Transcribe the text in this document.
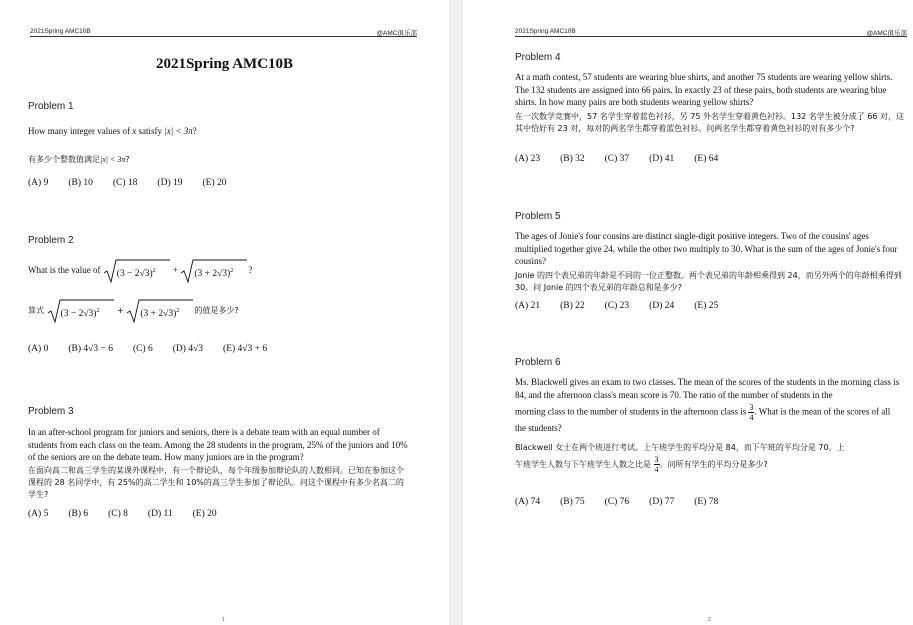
2021Spring AMC10B	@AMC俱乐部
2021Spring AMC10B
Problem 1
How many integer values of x satisfy |x| < 3π?
有多少个整数值满足|x| < 3π?
(A) 9 (B) 10 (C) 18 (D) 19 (E) 20
Problem 2
What is the value of $(3 - 2√3)^2 + (3 + 2√3)^2$ ?
算式 $(3 - 2√3)^2 + (3 + 2√3)^2$ 的值是多少?
(A) 0 (B) 4√3 − 6 (C) 6 (D) 4√3 (E) 4√3 + 6
Problem 3
In an after-school program for juniors and seniors, there is a debate team with an equal number of students from each class on the team. Among the 28 students in the program, 25% of the juniors and 10% of the seniors are on the debate team. How many juniors are in the program?
在面向高二和高三学生的某课外课程中，有一个辩论队，每个年级参加辩论队的人数相同。已知在参加这个课程的 28 名同学中，有 25%的高二学生和 10%的高三学生参加了辩论队。问这个课程中有多少名高二的学生?
(A) 5 (B) 6 (C) 8 (D) 11 (E) 20
1
2021Spring AMC10B	@AMC俱乐部
Problem 4
At a math contest, 57 students are wearing blue shirts, and another 75 students are wearing yellow shirts. The 132 students are assigned into 66 pairs. In exactly 23 of these pairs, both students are wearing blue shirts. In how many pairs are both students wearing yellow shirts?
在一次数学竞赛中，57 名学生穿着蓝色衬衫，另 75 外名学生穿着黄色衬衫。132 名学生被分成了 66 对，这其中恰好有 23 对，每对的两名学生都穿着蓝色衬衫。问两名学生都穿着黄色衬衫的对有多少个?
(A) 23 (B) 32 (C) 37 (D) 41 (E) 64
Problem 5
The ages of Jonie's four cousins are distinct single-digit positive integers. Two of the cousins' ages multiplied together give 24, while the other two multiply to 30. What is the sum of the ages of Jonie's four cousins?
Jonie 的四个表兄弟的年龄是不同的一位正整数。两个表兄弟的年龄相乘得到 24，而另外两个的年龄相乘得到 30。问 Jonie 的四个表兄弟的年龄总和是多少?
(A) 21 (B) 22 (C) 23 (D) 24 (E) 25
Problem 6
Ms. Blackwell gives an exam to two classes. The mean of the scores of the students in the morning class is 84, and the afternoon class's mean score is 70. The ratio of the number of students in the
morning class to the number of students in the afternoon class is $\frac{3}{4}$ . What is the mean of the scores of all the students?
Blackwell 女士在两个班进行考试。上午班学生的平均分是 84，而下午班的平均分是 70。上
午班学生人数与下午班学生人数之比是 $\frac{3}{4}$ 。问所有学生的平均分是多少?
(A) 74 (B) 75 (C) 76 (D) 77 (E) 78
2
